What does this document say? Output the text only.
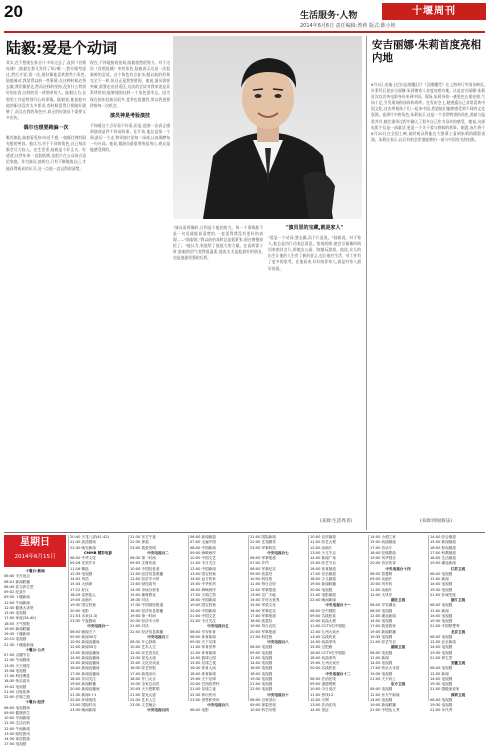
20	生活服务·人物	十堰周刊
2014年6月6日 责任编辑:曾莉 版式:陈小艳
陆毅:爱是个动词

其实,在不想现在奔,但十多年过去了,直到《宫锁连城》,陆毅在那儿发挥了吗?唯一,我仔细考虑过,然后才说,第一次,就好像他喜欢那些小角色,陆毅被动,我觉得以前一些事情,在这种时候必须去做,我们都要走,然而这样的坚持,没有什么特别好的东西,这样的话一样简单的人。陆毅认为,在那里工作是特别开心的事情。陆毅说,他说他对他的职业没有太多要求,有时候觉得只要做好就够了,而且在我的角色中,真正的好演员不需要太多宣传。

偶尔也想要跑偏一次

唯其如此,陆毅看见你!年近不惑,一如既往拥有阳光般的笑容。他认为,对于不同的角色,自己每次都会尽力投入。在生活里,陆毅是个好丈夫、好爸爸,这些年来一直很低调,也很少在公众场合谈论家庭。作为演员,他明白,只有不断挑战自己,才能获得观众的认可,这一点他一直记得很清楚。

现在,不停地接戏拍戏,陆毅依然很努力。对于这次《宫锁连城》中的角色,陆毅表示这是一次很新鲜的尝试。这个角色有点复杂,跟以前的形象完全不一样,但这正是我想要的。他说,演员需要突破,需要走出舒适区,这次的尝试对我来说是非常珍贵的,能够遇到这样一个角色很幸运。因为现在的年轻演员很多,竞争也很激烈,所以我更要珍惜每一次机会。

演员神是考验演技

不知道这个点好看不好看,但是,他第一次真正感到演戏是件不容易的事。在片场,他总是第一个到,最后一个走,和导演讨论每一场戏,认真琢磨每一句台词。他说,做演员最重要的是用心,观众是能感受到的。

"演员看图像时,日和是不能拍的力。每一个事情都不是一句话就能说清楚的,一直觉得我没有更好的表现……"陆毅说,"我以前拍戏时总是很紧张,现在慢慢放松了。"他认为,家庭给了他很大的力量。在谈到妻子时,陆毅的语气变得很温柔,他说太太是他最好的朋友,也是他最坚强的后盾。

"演员里的宝藏,就是家人"

"爱是一个动词,要去做,而不只是说。"陆毅说。对于家人,他总是用行动表达爱意。拍戏间隙,他会尽量抽时间回家陪伴女儿,带她去公园、陪她玩游戏。他说,女儿的出生让他的人生有了新的意义,也让他对生活、对工作有了更多的思考。在他看来,好好陪伴家人,就是对家人最好的爱。

(来源:生活周刊)
安吉丽娜·朱莉首度亮相内地

6月3日,由迪士尼出品的魔幻片《沉睡魔咒》在上海举行中国首映礼,好莱坞巨星安吉丽娜·朱莉携家人首度亮相内地。这是安吉丽娜·朱莉首次以宣传电影身份来到中国。现场,朱莉身着一袭黑色长裙亮相,气场十足,引发现场粉丝阵阵欢呼。在发布会上,她透露自己非常喜欢中国文化,这次带着孩子们一起来中国,希望他们能够感受到不同的文化氛围。谈到片中的角色,朱莉表示,这是一个非常特别的角色,黑暗与温柔并存,她在演绎过程中融入了很多自己作为母亲的感受。她说,这部电影不仅是一部童话,更是一个关于爱与救赎的故事。据悉,该片将于6月20日在全国上映,届时观众将能在大银幕上看到朱莉的精彩表演。朱莉还表示,以后有机会希望能够拍一部与中国有关的电影。

(来源:网易娱乐)
星期日
2014年6月15日
十堰台·新闻
06:40 今日视点
08:01 新闻联播
08:40 武当养生堂
09:02 纪录片
09:30 十堰新闻
12:00 午间新闻
12:30 健康大讲堂
13:30 电视剧
17:00 家庭(34-40)
18:55 天气预报
19:00 新闻联播
19:35 十堰新闻
20:10 电视剧
21:30 十堰夜新闻
十堰台·公共
07:00 点播节目
12:30 午间剧场
13:30 天天财经
15:58 电视剧
17:40 科技博览
18:30 快乐周末
19:02 电视剧
21:00 百姓故事
22:00 法制之窗
十堰台·经济
08:00 电视剧场
09:00 健康养生
10:00 早间新闻
11:30 生活百科
12:00 午间新闻
13:30 财经资讯
14:30 家居旅游
17:00 电视剧
20:40 天龙八部(41-42)
21:40 高清剧场
22:40 晚安新闻
CMMB 精彩电影
08:50 中华文化
09:26 光荣岁月
11:16 精选
12:39 电视剧
14:02 风语
15:34 大侦探
17:12 好汉
18:29 亲密敌人
19:05 动画片
19:30 国宝档案
20:00 电影
21:53 未来(2-3)
23:30 午夜剧场
中央电视台一
06:00 朝闻天下
09:00 新闻30分
10:00 新闻直播间
12:00 新闻30分
13:00 新闻直播间
14:00 新闻直播间
15:00 新闻直播间
16:00 新闻直播间
17:00 新闻直播间
18:00 共同关注
19:00 新闻联播
20:00 新闻直播间
21:30 新闻1+1
22:00 环球视线
23:00 国际时讯
23:30 晚间新闻
21:30 东方午夜
22:30 探索
23:00 我爱发明
中央电视台二
06:30 第一时间
09:05 生财有道
10:00 中国经营者
11:00 经济信息联播
12:00 经济半小时
13:00 财经周刊
14:30 市场分析室
15:00 理财教室
16:30 对话
17:30 中国财经报道
18:00 经济信息联播
19:00 第一时间
20:30 经济半小时
21:00 对话
22:00 经济信息联播
中央电视台三
08:30 开心辞典
10:00 艺术人生
12:00 综艺喜乐汇
13:30 星光大道
15:00 文化访谈录
16:30 综艺快报
17:00 曲苑杂坛
18:00 开门大吉
19:30 全家总动员
20:05 天天把歌唱
21:00 星光大道
22:30 艺术人生
23:30 文艺晚会
中央电视台四
06:00 新闻频道
07:00 走遍中国
08:00 中国新闻
09:00 海峡两岸
10:00 中国文艺
11:00 今日关注
12:00 中国新闻
13:00 国宝档案
14:00 远方的家
15:00 中华医药
16:00 海峡两岸
17:00 文明之旅
18:00 中国新闻
19:00 国宝档案
20:00 中国新闻
21:00 中国文艺
22:00 今日关注
中央电视台五
06:00 早安体育
08:00 体育新闻
09:30 天下足球
11:00 体育世界
12:00 体育新闻
14:00 篮球公园
15:00 足球之夜
16:30 体育人间
18:00 体育新闻
19:00 天下足球
20:00 巴西世界杯
21:00 足球之夜
22:30 体坛快讯
23:00 世界杯快讯
中央电视台六
08:00 电影
21:00 国际新闻
22:00 艺苑撷英
23:00 军事科技
中央电视台七
06:00 军事报道
07:00 乡约
08:00 军事纪实
09:00 致富经
10:00 科技苑
11:00 每日农经
12:00 军事报道
13:00 农广天地
14:00 乡村大世界
15:00 军旅文化
16:00 军事纪实
17:00 军事报道
18:00 致富经
19:00 每日农经
20:00 军事报道
21:00 科技苑
中央电视台八
06:00 电视剧
09:00 电视剧
12:00 电视剧
14:00 电视剧
16:00 电视剧
18:00 电视剧
19:30 电视剧
21:00 电视剧
22:00 电视剧
中央电视台十
08:00 百家讲坛
09:00 探索发现
10:00 科学历程
10:00 农村频道
11:00 综艺大观
12:00 动画片
13:00 少儿节目
14:00 新闻广角
15:00 综艺节目
16:00 体育频道
17:00 音乐频道
18:00 少儿频道
19:00 新闻联播
20:00 电视剧
21:00 电影频道
22:00 晚间新闻
中央电视台十一
08:00 空中剧院
09:00 名段欣赏
10:00 戏曲大观
11:00 CCTV空中剧院
12:00 九州大戏台
13:00 名段欣赏
14:00 戏曲采风
15:00 过把瘾
16:00 CCTV空中剧院
18:00 戏曲采风
19:00 九州大戏台
20:00 名段欣赏
中央电视台十二
08:00 法治在线
09:00 道德观察
10:00 今日说法
11:00 热线12
12:00 天网
13:00 法治在线
14:00 见证
14:00 小酒之家
15:00 戏曲频道
17:00 音乐厅
18:00 经典歌曲
19:00 风华国乐
20:00 音乐传奇
中央电视台十四
08:00 智慧树
09:00 动画片
10:00 风车转
11:00 动画片
12:00 大风车
湖北卫视
06:00 早安湖北
08:00 电视剧
12:00 湖北新闻
14:00 电视剧
17:00 我爱我家
19:00 新闻联播
19:35 电视剧
21:00 综艺节目
湖南卫视
08:00 电视剧
12:00 新闻
14:00 电视剧
17:00 快乐大本营
19:30 电视剧
21:00 天天向上
东方卫视
08:00 电视剧
12:00 东方午新闻
14:00 电视剧
19:00 新闻联播
21:00 中国达人秀
14:00 综合频道
15:00 新闻频道
16:00 影视频道
17:00 科教频道
18:00 生活频道
19:00 湖北新闻
江苏卫视
08:00 电视剧
12:00 新闻
14:00 电视剧
19:30 电视剧
21:00 非诚勿扰
浙江卫视
08:00 电视剧
12:00 新闻
14:00 电视剧
19:30 电视剧
21:00 中国梦想秀
北京卫视
08:00 电视剧
12:00 北京新闻
14:00 电视剧
19:30 电视剧
21:00 养生堂
安徽卫视
08:00 电视剧
12:00 新闻
14:00 电视剧
19:30 电视剧
21:00 超级演说家
深圳卫视
08:00 电视剧
19:30 电视剧
21:00 年代秀
